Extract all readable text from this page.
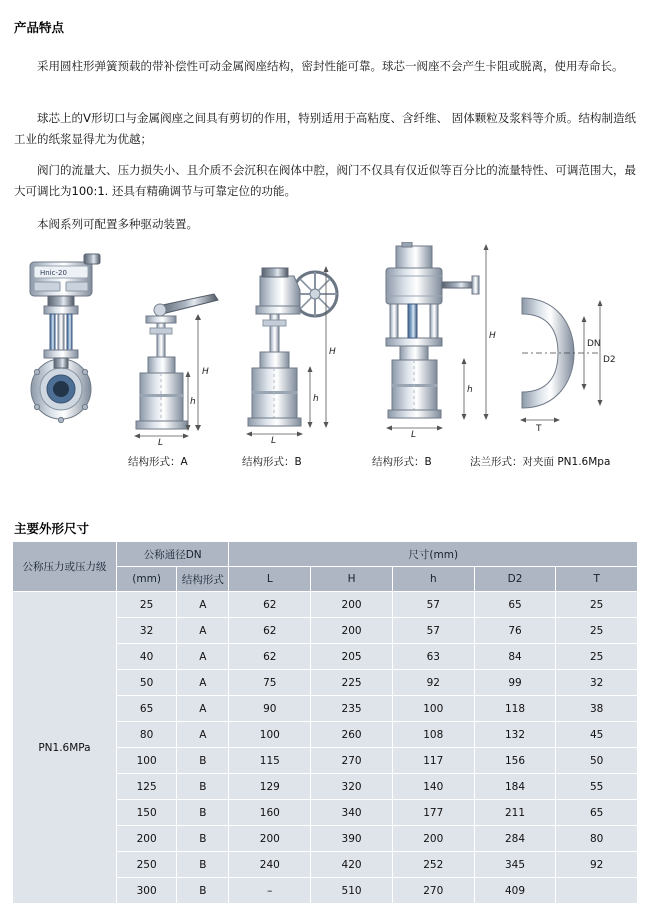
产品特点

采用圆柱形弹簧预载的带补偿性可动金属阀座结构，密封性能可靠。球芯一阀座不会产生卡阻或脱离，使用寿命长。

球芯上的V形切口与金属阀座之间具有剪切的作用，特别适用于高粘度、含纤维、 固体颗粒及浆料等介质。结构制造纸工业的纸浆显得尤为优越；

阀门的流量大、压力损失小、且介质不会沉积在阀体中腔，阀门不仅具有仅近似等百分比的流量特性、可调范围大，最大可调比为100:1. 还具有精确调节与可靠定位的功能。

本阀系列可配置多种驱动装置。

Hnic-20
H
h
L
H
h
L
H
h
L
DN
D2
T
结构形式：A	结构形式：B	结构形式：B	法兰形式：对夹面 PN1.6Mpa
主要外形尺寸
公称压力或压力级	公称通径DN		尺寸(mm)				
	(mm)	结构形式	L	H	h	D2	T
PN1.6MPa	25	A	62	200	57	65	25
	32	A	62	200	57	76	25
	40	A	62	205	63	84	25
	50	A	75	225	92	99	32
	65	A	90	235	100	118	38
	80	A	100	260	108	132	45
	100	B	115	270	117	156	50
	125	B	129	320	140	184	55
	150	B	160	340	177	211	65
	200	B	200	390	200	284	80
	250	B	240	420	252	345	92
	300	B	–	510	270	409	
